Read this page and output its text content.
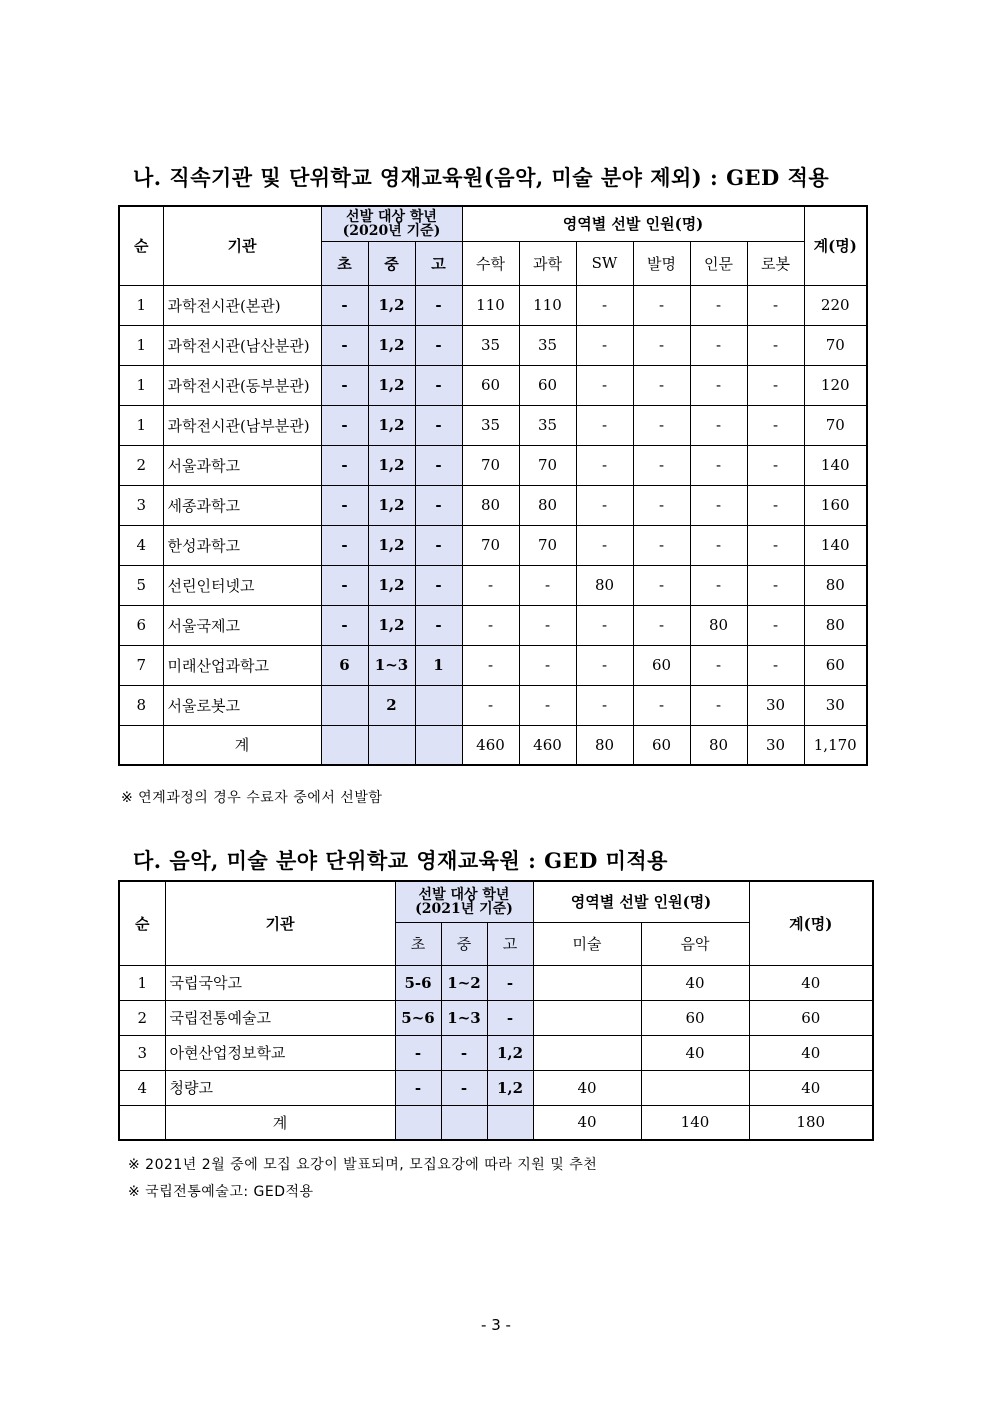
나. 직속기관 및 단위학교 영재교육원(음악, 미술 분야 제외) : GED 적용
순	기관	선발 대상 학년
(2020년 기준)			영역별 선발 인원(명)						계(명)
		초	중	고	수학	과학	SW	발명	인문	로봇	
1	과학전시관(본관)	-	1,2	-	110	110	-	-	-	-	220
1	과학전시관(남산분관)	-	1,2	-	35	35	-	-	-	-	70
1	과학전시관(동부분관)	-	1,2	-	60	60	-	-	-	-	120
1	과학전시관(남부분관)	-	1,2	-	35	35	-	-	-	-	70
2	서울과학고	-	1,2	-	70	70	-	-	-	-	140
3	세종과학고	-	1,2	-	80	80	-	-	-	-	160
4	한성과학고	-	1,2	-	70	70	-	-	-	-	140
5	선린인터넷고	-	1,2	-	-	-	80	-	-	-	80
6	서울국제고	-	1,2	-	-	-	-	-	80	-	80
7	미래산업과학고	6	1~3	1	-	-	-	60	-	-	60
8	서울로봇고		2		-	-	-	-	-	30	30
	계				460	460	80	60	80	30	1,170
※ 연계과정의 경우 수료자 중에서 선발함
다. 음악, 미술 분야 단위학교 영재교육원 : GED 미적용
순	기관	선발 대상 학년
(2021년 기준)			영역별 선발 인원(명)		계(명)
		초	중	고	미술	음악	
1	국립국악고	5-6	1~2	-		40	40
2	국립전통예술고	5~6	1~3	-		60	60
3	아현산업정보학교	-	-	1,2		40	40
4	청량고	-	-	1,2	40		40
	계				40	140	180
※ 2021년 2월 중에 모집 요강이 발표되며, 모집요강에 따라 지원 및 추천
※ 국립전통예술고: GED적용
- 3 -
